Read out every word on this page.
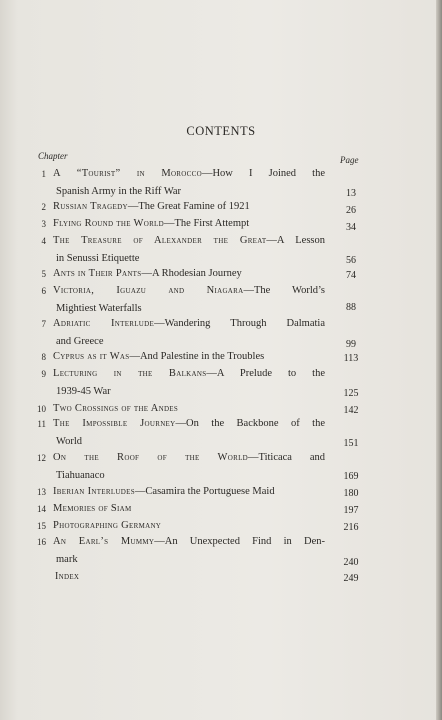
CONTENTS
Chapter	Page
1 A “Tourist” in Morocco—How I Joined the
Spanish Army in the Riff War	13
2 Russian Tragedy—The Great Famine of 1921	26
3 Flying Round the World—The First Attempt	34
4 The Treasure of Alexander the Great—A Lesson
in Senussi Etiquette	56
5 Ants in Their Pants—A Rhodesian Journey	74
6 Victoria, Iguazu and Niagara—The World’s
Mightiest Waterfalls	88
7 Adriatic Interlude—Wandering Through Dalmatia
and Greece	99
8 Cyprus as it Was—And Palestine in the Troubles	113
9 Lecturing in the Balkans—A Prelude to the
1939-45 War	125
10 Two Crossings of the Andes	142
11 The Impossible Journey—On the Backbone of the
World	151
12 On the Roof of the World—Titicaca and
Tiahuanaco	169
13 Iberian Interludes—Casamira the Portuguese Maid	180
14 Memories of Siam	197
15 Photographing Germany	216
16 An Earl’s Mummy—An Unexpected Find in Den-
mark	240
Index	249
